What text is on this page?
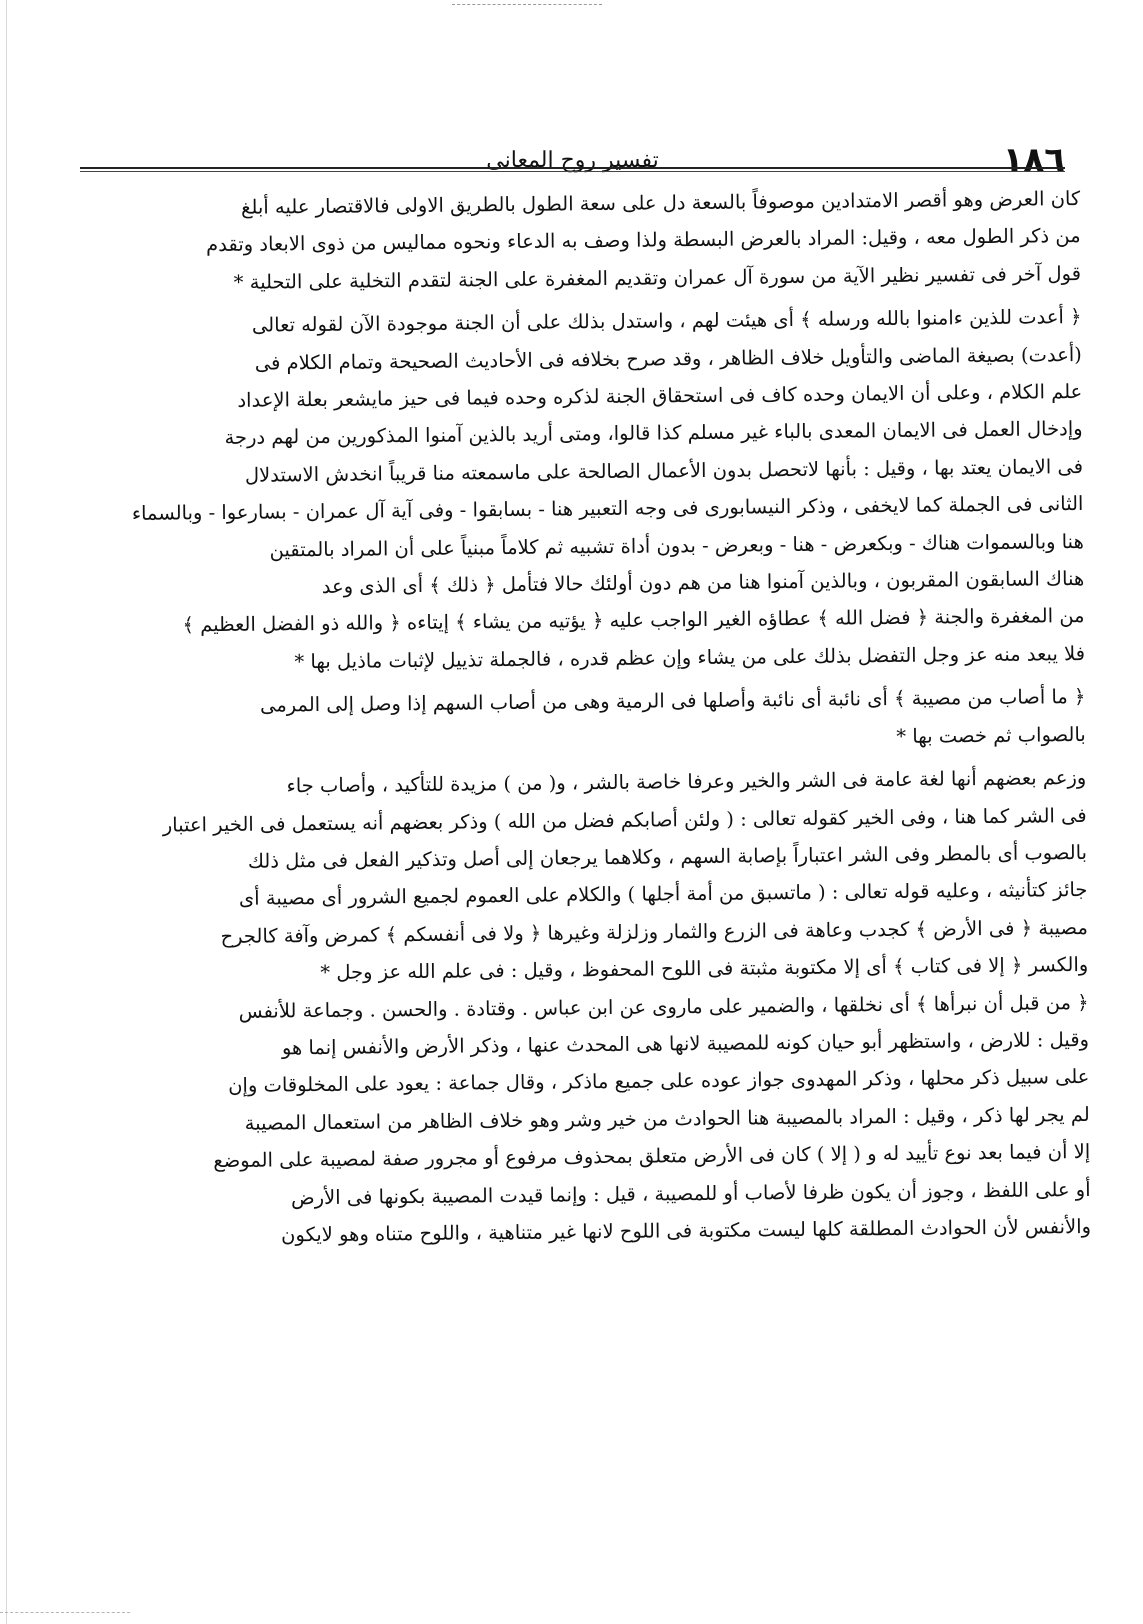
١٨٦
تفسير روح المعانى

كان العرض وهو أقصر الامتدادين موصوفاً بالسعة دل على سعة الطول بالطريق الاولى فالاقتصار عليه أبلغ

من ذكر الطول معه ، وقيل: المراد بالعرض البسطة ولذا وصف به الدعاء ونحوه مماليس من ذوى الابعاد وتقدم

قول آخر فى تفسير نظير الآية من سورة آل عمران وتقديم المغفرة على الجنة لتقدم التخلية على التحلية *

﴿ أعدت للذين ءامنوا بالله ورسله ﴾ أى هيئت لهم ، واستدل بذلك على أن الجنة موجودة الآن لقوله تعالى

(أعدت) بصيغة الماضى والتأويل خلاف الظاهر ، وقد صرح بخلافه فى الأحاديث الصحيحة وتمام الكلام فى

علم الكلام ، وعلى أن الايمان وحده كاف فى استحقاق الجنة لذكره وحده فيما فى حيز مايشعر بعلة الإعداد

وإدخال العمل فى الايمان المعدى بالباء غير مسلم كذا قالوا، ومتى أريد بالذين آمنوا المذكورين من لهم درجة

فى الايمان يعتد بها ، وقيل : بأنها لاتحصل بدون الأعمال الصالحة على ماسمعته منا قريباً انخدش الاستدلال

الثانى فى الجملة كما لايخفى ، وذكر النيسابورى فى وجه التعبير هنا - بسابقوا - وفى آية آل عمران - بسارعوا - وبالسماء

هنا وبالسموات هناك - وبكعرض - هنا - وبعرض - بدون أداة تشبيه ثم كلاماً مبنياً على أن المراد بالمتقين

هناك السابقون المقربون ، وبالذين آمنوا هنا من هم دون أولئك حالا فتأمل ﴿ ذلك ﴾ أى الذى وعد

من المغفرة والجنة ﴿ فضل الله ﴾ عطاؤه الغير الواجب عليه ﴿ يؤتيه من يشاء ﴾ إيتاءه ﴿ والله ذو الفضل العظيم ﴾

فلا يبعد منه عز وجل التفضل بذلك على من يشاء وإن عظم قدره ، فالجملة تذييل لإثبات ماذيل بها *

﴿ ما أصاب من مصيبة ﴾ أى نائبة أى نائبة وأصلها فى الرمية وهى من أصاب السهم إذا وصل إلى المرمى

بالصواب ثم خصت بها *

وزعم بعضهم أنها لغة عامة فى الشر والخير وعرفا خاصة بالشر ، و( من ) مزيدة للتأكيد ، وأصاب جاء

فى الشر كما هنا ، وفى الخير كقوله تعالى : ( ولئن أصابكم فضل من الله ) وذكر بعضهم أنه يستعمل فى الخير اعتبار

بالصوب أى بالمطر وفى الشر اعتباراً بإصابة السهم ، وكلاهما يرجعان إلى أصل وتذكير الفعل فى مثل ذلك

جائز كتأنيثه ، وعليه قوله تعالى : ( ماتسبق من أمة أجلها ) والكلام على العموم لجميع الشرور أى مصيبة أى

مصيبة ﴿ فى الأرض ﴾ كجدب وعاهة فى الزرع والثمار وزلزلة وغيرها ﴿ ولا فى أنفسكم ﴾ كمرض وآفة كالجرح

والكسر ﴿ إلا فى كتاب ﴾ أى إلا مكتوبة مثبتة فى اللوح المحفوظ ، وقيل : فى علم الله عز وجل *

﴿ من قبل أن نبرأها ﴾ أى نخلقها ، والضمير على ماروى عن ابن عباس . وقتادة . والحسن . وجماعة للأنفس

وقيل : للارض ، واستظهر أبو حيان كونه للمصيبة لانها هى المحدث عنها ، وذكر الأرض والأنفس إنما هو

على سبيل ذكر محلها ، وذكر المهدوى جواز عوده على جميع ماذكر ، وقال جماعة : يعود على المخلوقات وإن

لم يجر لها ذكر ، وقيل : المراد بالمصيبة هنا الحوادث من خير وشر وهو خلاف الظاهر من استعمال المصيبة

إلا أن فيما بعد نوع تأييد له و ( إلا ) كان فى الأرض متعلق بمحذوف مرفوع أو مجرور صفة لمصيبة على الموضع

أو على اللفظ ، وجوز أن يكون ظرفا لأصاب أو للمصيبة ، قيل : وإنما قيدت المصيبة بكونها فى الأرض

والأنفس لأن الحوادث المطلقة كلها ليست مكتوبة فى اللوح لانها غير متناهية ، واللوح متناه وهو لايكون
